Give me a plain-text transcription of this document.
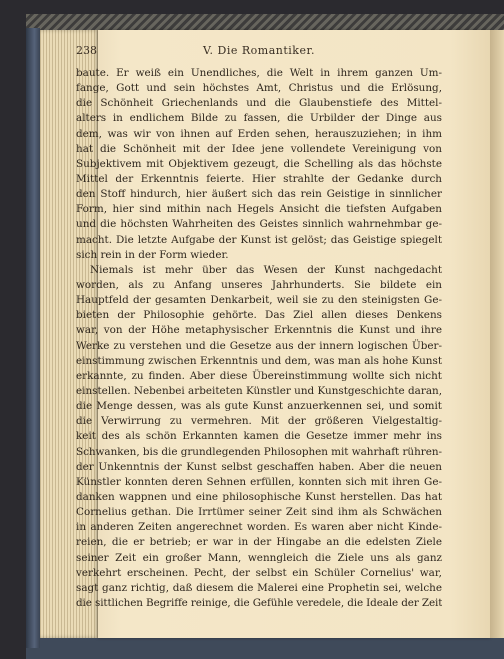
238	V. Die Romantiker.
baute. Er weiß ein Unendliches, die Welt in ihrem ganzen Um-
fange, Gott und sein höchstes Amt, Christus und die Erlösung,
die Schönheit Griechenlands und die Glaubenstiefe des Mittel-
alters in endlichem Bilde zu fassen, die Urbilder der Dinge aus
dem, was wir von ihnen auf Erden sehen, herauszuziehen; in ihm
hat die Schönheit mit der Idee jene vollendete Vereinigung von
Subjektivem mit Objektivem gezeugt, die Schelling als das höchste
Mittel der Erkenntnis feierte. Hier strahlte der Gedanke durch
den Stoff hindurch, hier äußert sich das rein Geistige in sinnlicher
Form, hier sind mithin nach Hegels Ansicht die tiefsten Aufgaben
und die höchsten Wahrheiten des Geistes sinnlich wahrnehmbar ge-
macht. Die letzte Aufgabe der Kunst ist gelöst; das Geistige spiegelt
sich rein in der Form wieder.
Niemals ist mehr über das Wesen der Kunst nachgedacht
worden, als zu Anfang unseres Jahrhunderts. Sie bildete ein
Hauptfeld der gesamten Denkarbeit, weil sie zu den steinigsten Ge-
bieten der Philosophie gehörte. Das Ziel allen dieses Denkens
war, von der Höhe metaphysischer Erkenntnis die Kunst und ihre
Werke zu verstehen und die Gesetze aus der innern logischen Über-
einstimmung zwischen Erkenntnis und dem, was man als hohe Kunst
erkannte, zu finden. Aber diese Übereinstimmung wollte sich nicht
einstellen. Nebenbei arbeiteten Künstler und Kunstgeschichte daran,
die Menge dessen, was als gute Kunst anzuerkennen sei, und somit
die Verwirrung zu vermehren. Mit der größeren Vielgestaltig-
keit des als schön Erkannten kamen die Gesetze immer mehr ins
Schwanken, bis die grundlegenden Philosophen mit wahrhaft rühren-
der Unkenntnis der Kunst selbst geschaffen haben. Aber die neuen
Künstler konnten deren Sehnen erfüllen, konnten sich mit ihren Ge-
danken wappnen und eine philosophische Kunst herstellen. Das hat
Cornelius gethan. Die Irrtümer seiner Zeit sind ihm als Schwächen
in anderen Zeiten angerechnet worden. Es waren aber nicht Kinde-
reien, die er betrieb; er war in der Hingabe an die edelsten Ziele
seiner Zeit ein großer Mann, wenngleich die Ziele uns als ganz
verkehrt erscheinen. Pecht, der selbst ein Schüler Cornelius' war,
sagt ganz richtig, daß diesem die Malerei eine Prophetin sei, welche
die sittlichen Begriffe reinige, die Gefühle veredele, die Ideale der Zeit
